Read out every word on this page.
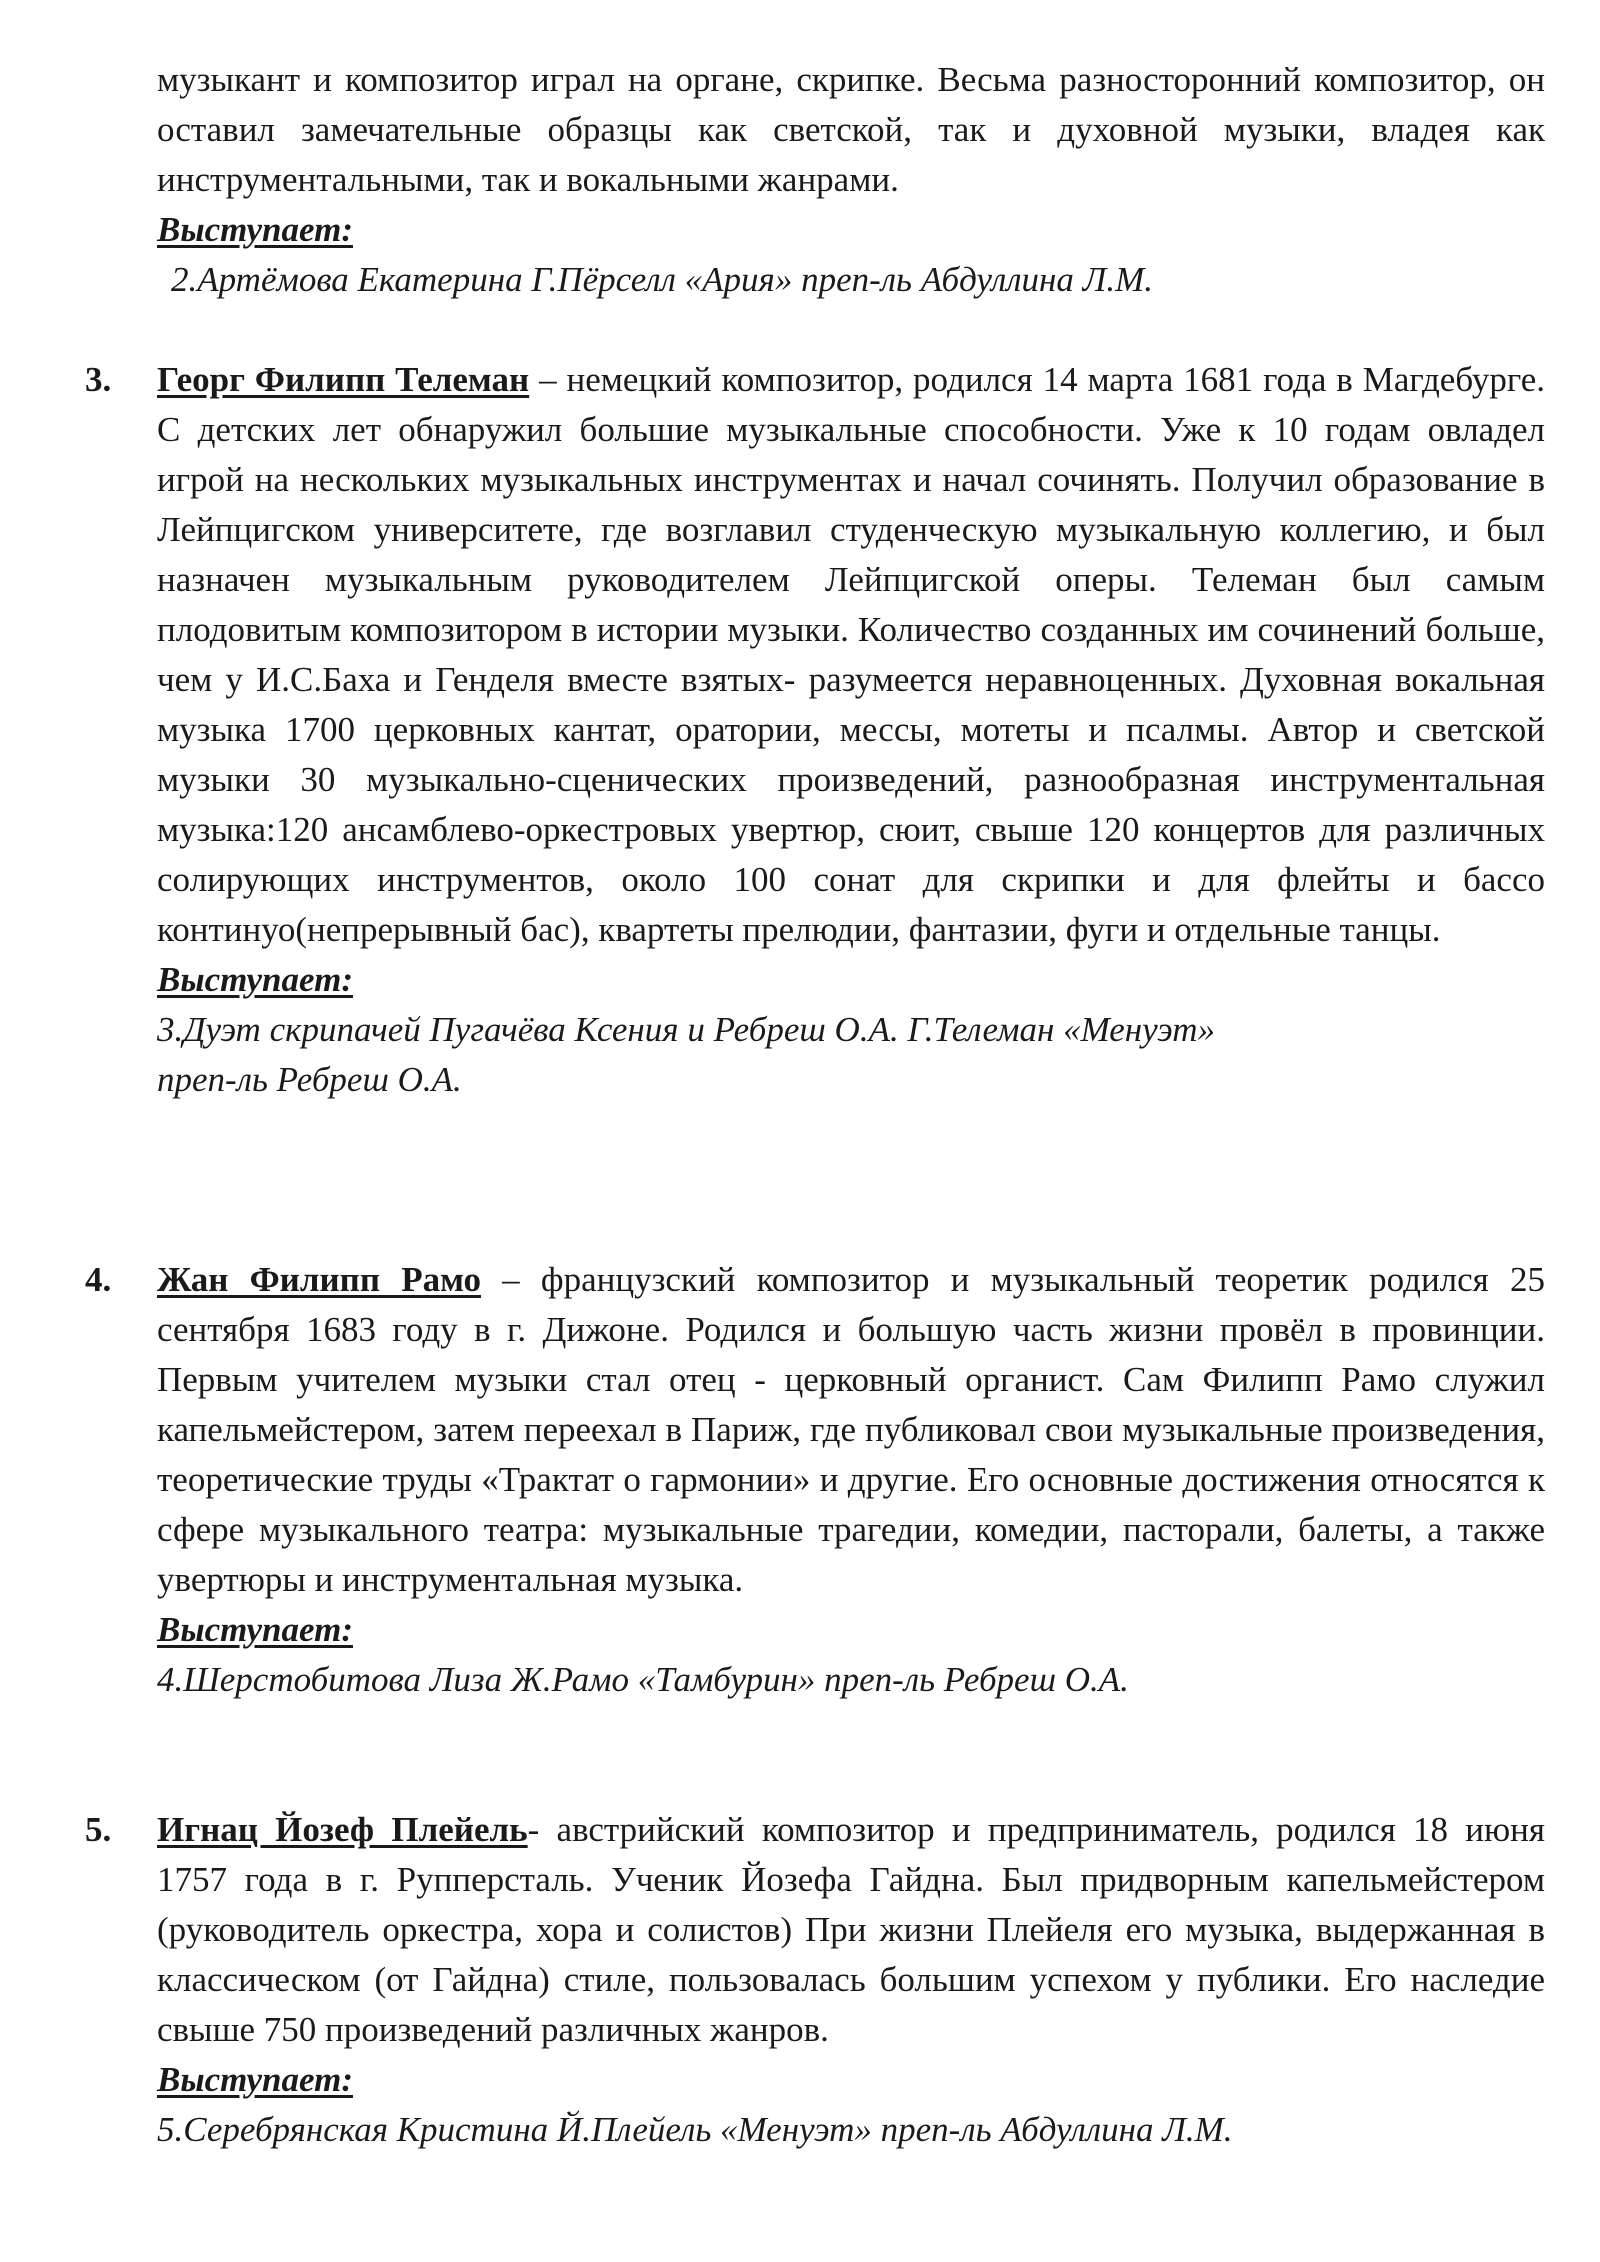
музыкант и композитор играл на органе, скрипке. Весьма разносторонний композитор, он оставил замечательные образцы как светской, так и духовной музыки, владея как инструментальными, так и вокальными жанрами.
Выступает:
2.Артёмова Екатерина Г.Пёрселл «Ария» преп-ль Абдуллина Л.М.
3. Георг Филипп Телеман – немецкий композитор, родился 14 марта 1681 года в Магдебурге. С детских лет обнаружил большие музыкальные способности. Уже к 10 годам овладел игрой на нескольких музыкальных инструментах и начал сочинять. Получил образование в Лейпцигском университете, где возглавил студенческую музыкальную коллегию, и был назначен музыкальным руководителем Лейпцигской оперы. Телеман был самым плодовитым композитором в истории музыки. Количество созданных им сочинений больше, чем у И.С.Баха и Генделя вместе взятых- разумеется неравноценных. Духовная вокальная музыка 1700 церковных кантат, оратории, мессы, мотеты и псалмы. Автор и светской музыки 30 музыкально-сценических произведений, разнообразная инструментальная музыка:120 ансамблево-оркестровых увертюр, сюит, свыше 120 концертов для различных солирующих инструментов, около 100 сонат для скрипки и для флейты и бассо континуо(непрерывный бас), квартеты прелюдии, фантазии, фуги и отдельные танцы.
Выступает:
3.Дуэт скрипачей Пугачёва Ксения и Ребреш О.А. Г.Телеман «Менуэт» преп-ль Ребреш О.А.
4. Жан Филипп Рамо – французский композитор и музыкальный теоретик родился 25 сентября 1683 году в г. Дижоне. Родился и большую часть жизни провёл в провинции. Первым учителем музыки стал отец - церковный органист. Сам Филипп Рамо служил капельмейстером, затем переехал в Париж, где публиковал свои музыкальные произведения, теоретические труды «Трактат о гармонии» и другие. Его основные достижения относятся к сфере музыкального театра: музыкальные трагедии, комедии, пасторали, балеты, а также увертюры и инструментальная музыка.
Выступает:
4.Шерстобитова Лиза Ж.Рамо «Тамбурин» преп-ль Ребреш О.А.
5. Игнац Йозеф Плейель- австрийский композитор и предприниматель, родился 18 июня 1757 года в г. Рупперсталь. Ученик Йозефа Гайдна. Был придворным капельмейстером (руководитель оркестра, хора и солистов) При жизни Плейеля его музыка, выдержанная в классическом (от Гайдна) стиле, пользовалась большим успехом у публики. Его наследие свыше 750 произведений различных жанров.
Выступает:
5.Серебрянская Кристина Й.Плейель «Менуэт» преп-ль Абдуллина Л.М.
